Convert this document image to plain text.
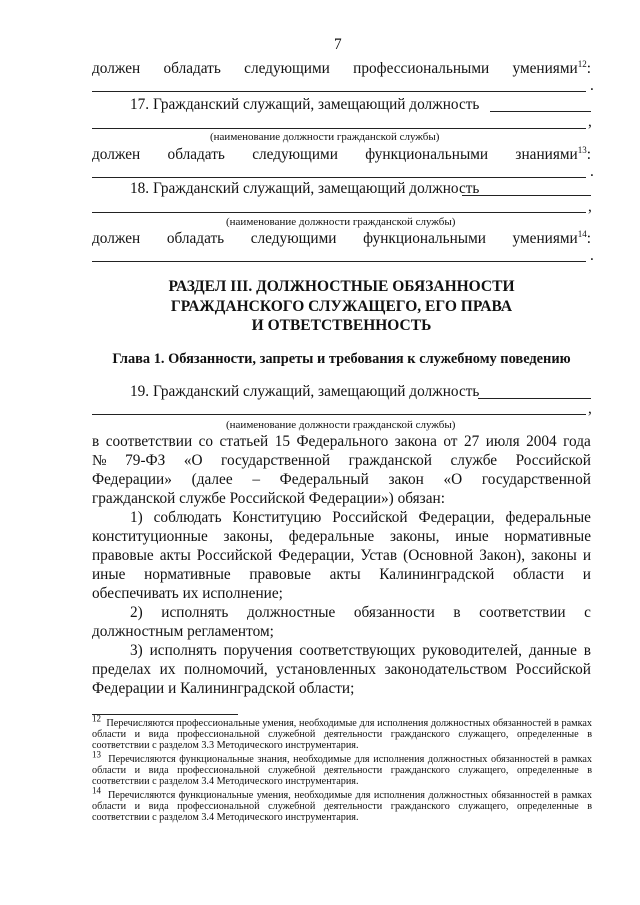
7
должен обладать следующими профессиональными умениями$^{12}$:
.
17. Гражданский служащий, замещающий должность
,
(наименование должности гражданской службы)
должен обладать следующими функциональными знаниями$^{13}$:
.
18. Гражданский служащий, замещающий должность
,
(наименование должности гражданской службы)
должен обладать следующими функциональными умениями$^{14}$:
.
РАЗДЕЛ III. ДОЛЖНОСТНЫЕ ОБЯЗАННОСТИ
ГРАЖДАНСКОГО СЛУЖАЩЕГО, ЕГО ПРАВА
И ОТВЕТСТВЕННОСТЬ
Глава 1. Обязанности, запреты и требования к служебному поведению
19. Гражданский служащий, замещающий должность
,
(наименование должности гражданской службы)
в соответствии со статьей 15 Федерального закона от 27 июля 2004 года
№ 79-ФЗ «О государственной гражданской службе Российской
Федерации» (далее – Федеральный закон «О государственной
гражданской службе Российской Федерации») обязан:
1) соблюдать Конституцию Российской Федерации, федеральные
конституционные законы, федеральные законы, иные нормативные
правовые акты Российской Федерации, Устав (Основной Закон), законы и
иные нормативные правовые акты Калининградской области и
обеспечивать их исполнение;
2) исполнять должностные обязанности в соответствии с
должностным регламентом;
3) исполнять поручения соответствующих руководителей, данные в
пределах их полномочий, установленных законодательством Российской
Федерации и Калининградской области;

$^{12}$ Перечисляются профессиональные умения, необходимые для исполнения должностных обязанностей в рамках области и вида профессиональной служебной деятельности гражданского служащего, определенные в соответствии с разделом 3.3 Методического инструментария.

$^{13}$ Перечисляются функциональные знания, необходимые для исполнения должностных обязанностей в рамках области и вида профессиональной служебной деятельности гражданского служащего, определенные в соответствии с разделом 3.4 Методического инструментария.

$^{14}$ Перечисляются функциональные умения, необходимые для исполнения должностных обязанностей в рамках области и вида профессиональной служебной деятельности гражданского служащего, определенные в соответствии с разделом 3.4 Методического инструментария.
